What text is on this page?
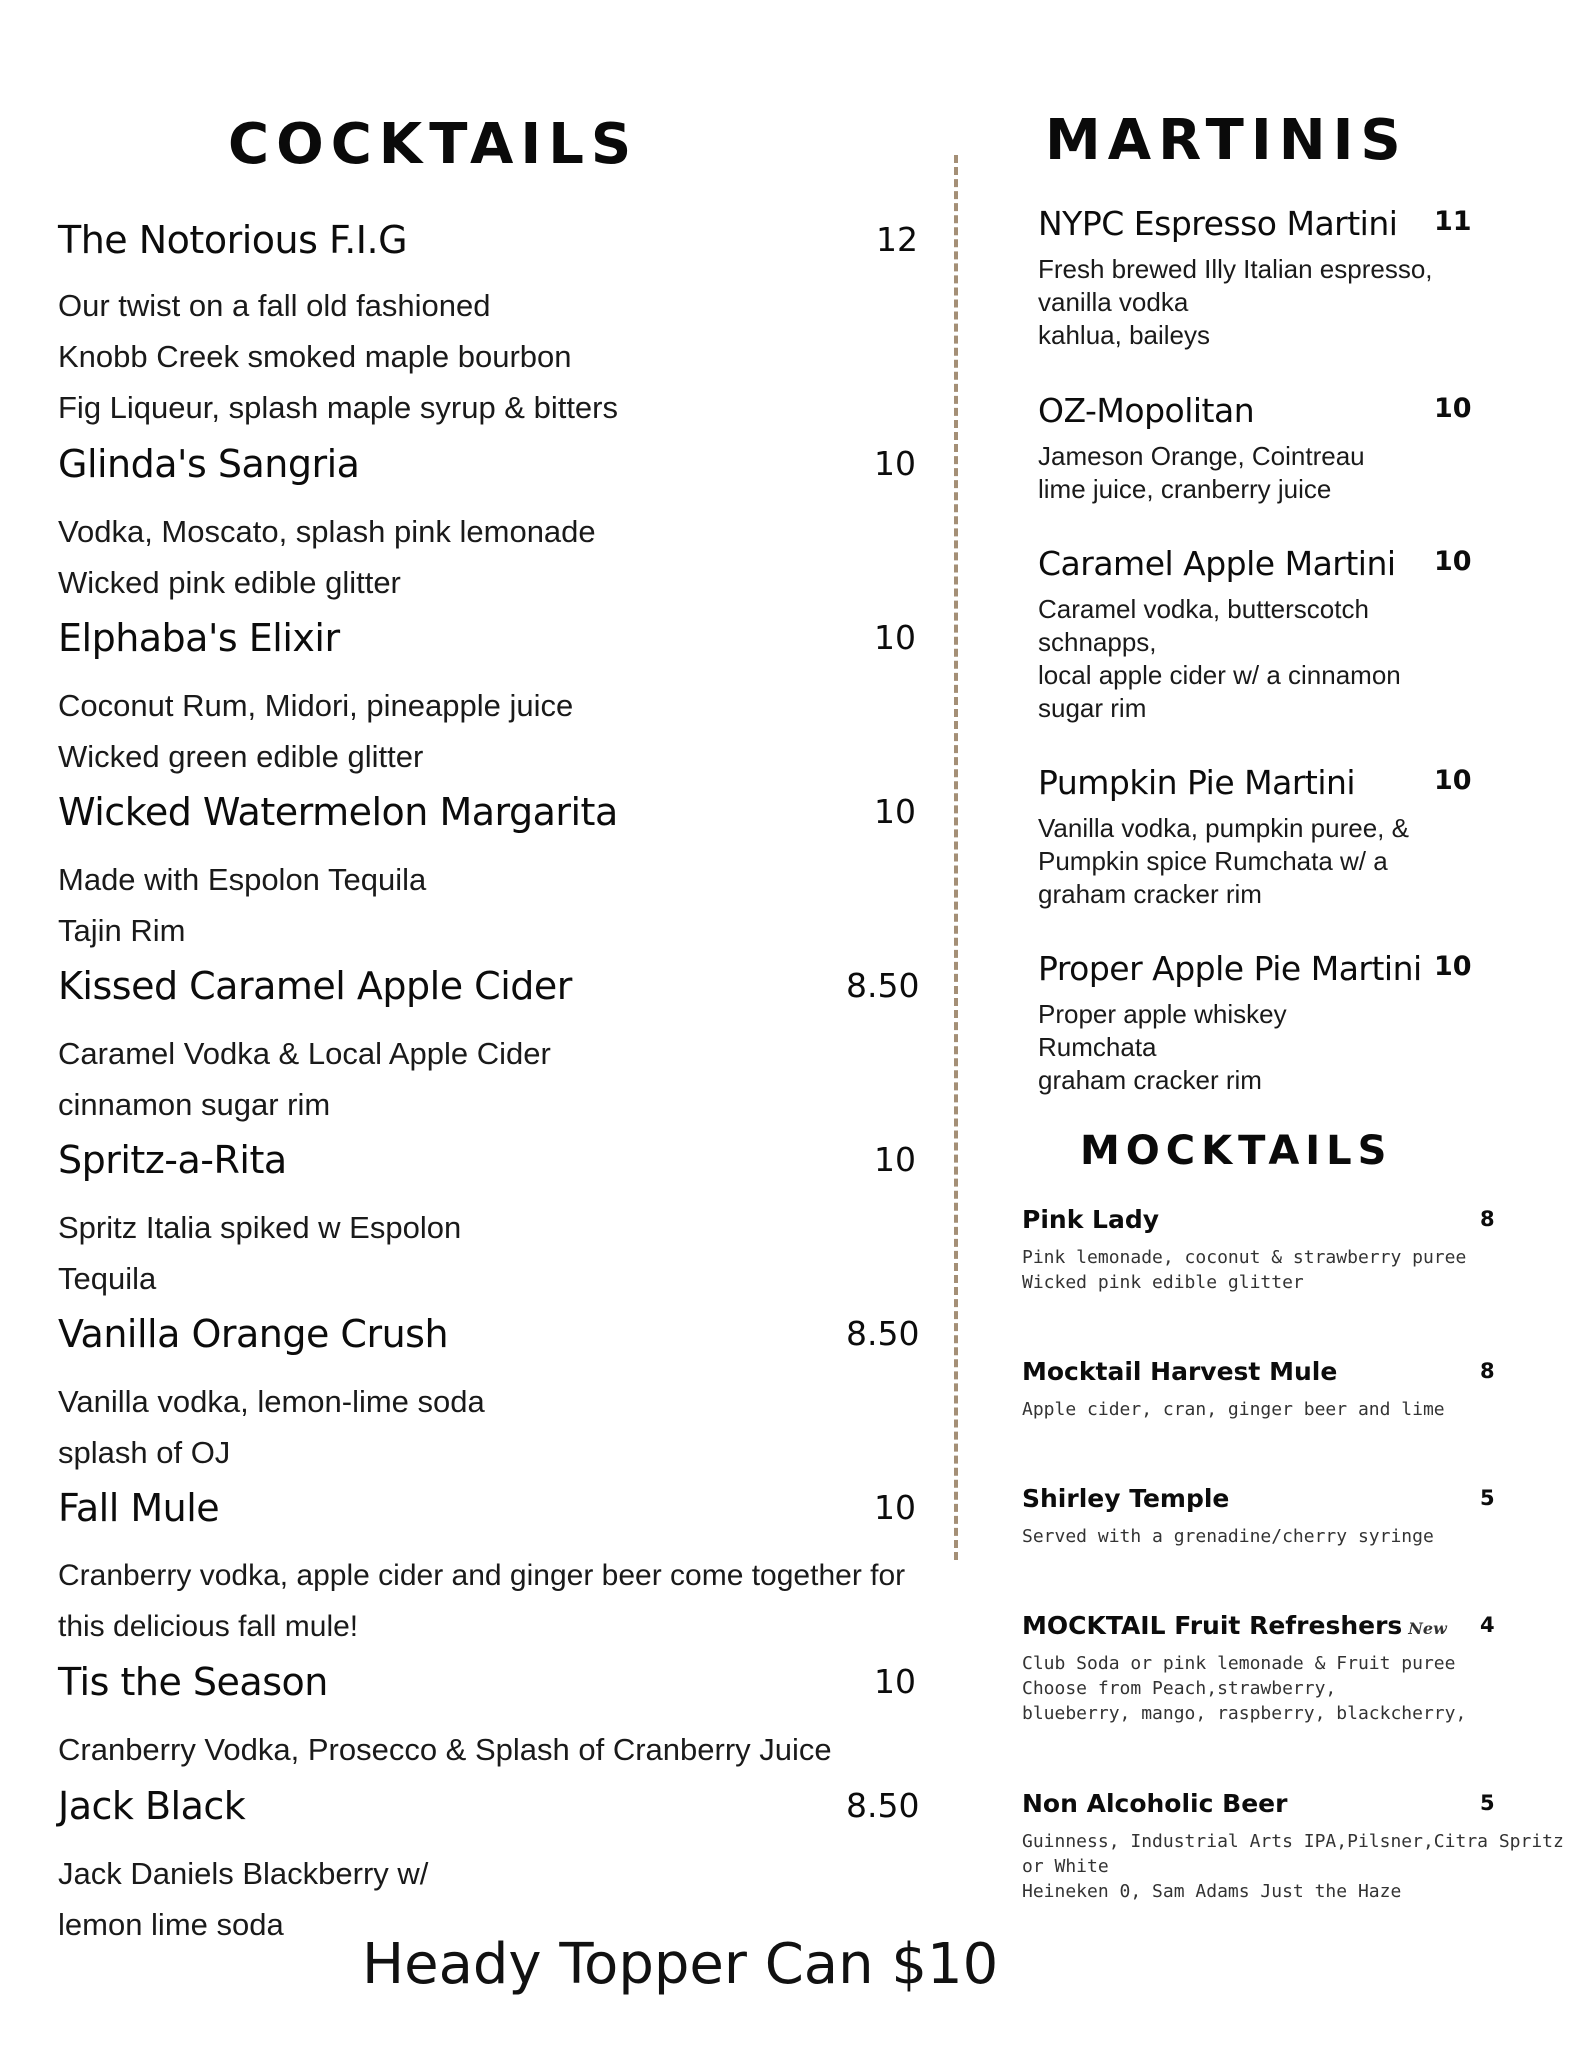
COCKTAILS	MARTINIS
MOCKTAILS
The Notorious F.I.G	12
Our twist on a fall old fashioned
Knobb Creek smoked maple bourbon
Fig Liqueur, splash maple syrup & bitters
Glinda's Sangria	10
Vodka, Moscato, splash pink lemonade
Wicked pink edible glitter
Elphaba's Elixir	10
Coconut Rum, Midori, pineapple juice
Wicked green edible glitter
Wicked Watermelon Margarita	10
Made with Espolon Tequila
Tajin Rim
Kissed Caramel Apple Cider	8.50
Caramel Vodka & Local Apple Cider
cinnamon sugar rim
Spritz-a-Rita	10
Spritz Italia spiked w Espolon
Tequila
Vanilla Orange Crush	8.50
Vanilla vodka, lemon-lime soda
splash of OJ
Fall Mule	10
Cranberry vodka, apple cider and ginger beer come together for
this delicious fall mule!
Tis the Season	10
Cranberry Vodka, Prosecco & Splash of Cranberry Juice
Jack Black	8.50
Jack Daniels Blackberry w/
lemon lime soda
NYPC Espresso Martini 11
Fresh brewed Illy Italian espresso,
vanilla vodka
kahlua, baileys
OZ-Mopolitan	10
Jameson Orange, Cointreau
lime juice, cranberry juice
Caramel Apple Martini 10
Caramel vodka, butterscotch
schnapps,
local apple cider w/ a cinnamon
sugar rim
Pumpkin Pie Martini	10
Vanilla vodka, pumpkin puree, &
Pumpkin spice Rumchata w/ a
graham cracker rim
Proper Apple Pie Martini 10
Proper apple whiskey
Rumchata
graham cracker rim
Pink Lady	8
Pink lemonade, coconut & strawberry puree
Wicked pink edible glitter
Mocktail Harvest Mule	8
Apple cider, cran, ginger beer and lime
Shirley Temple	5
Served with a grenadine/cherry syringe
MOCKTAIL Fruit Refreshers New 4
Club Soda or pink lemonade & Fruit puree
Choose from Peach,strawberry,
blueberry, mango, raspberry, blackcherry,
Non Alcoholic Beer	5
Guinness, Industrial Arts IPA,Pilsner,Citra Spritz
or White
Heineken 0, Sam Adams Just the Haze
Heady Topper Can $10
